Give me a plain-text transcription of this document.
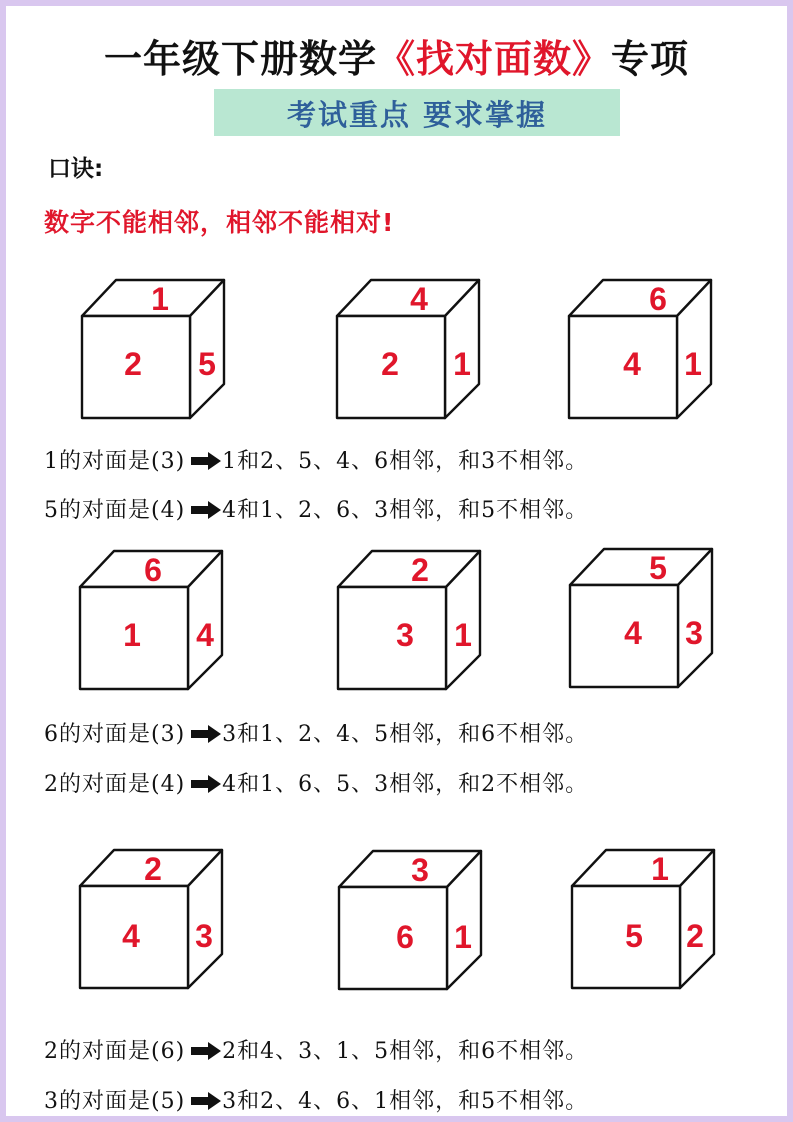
一年级下册数学《找对面数》专项
考试重点 要求掌握
口诀:
数字不能相邻，相邻不能相对!
1
2 5
4
2 1
6
4 1
1的对面是(3) 1和2、5、4、6相邻，和3不相邻。
5的对面是(4) 4和1、2、6、3相邻，和5不相邻。
6
1 4
2
3 1
5
4 3
6的对面是(3) 3和1、2、4、5相邻，和6不相邻。
2的对面是(4) 4和1、6、5、3相邻，和2不相邻。
2
4 3
3
6 1
1
5 2
2的对面是(6) 2和4、3、1、5相邻，和6不相邻。
3的对面是(5) 3和2、4、6、1相邻，和5不相邻。
